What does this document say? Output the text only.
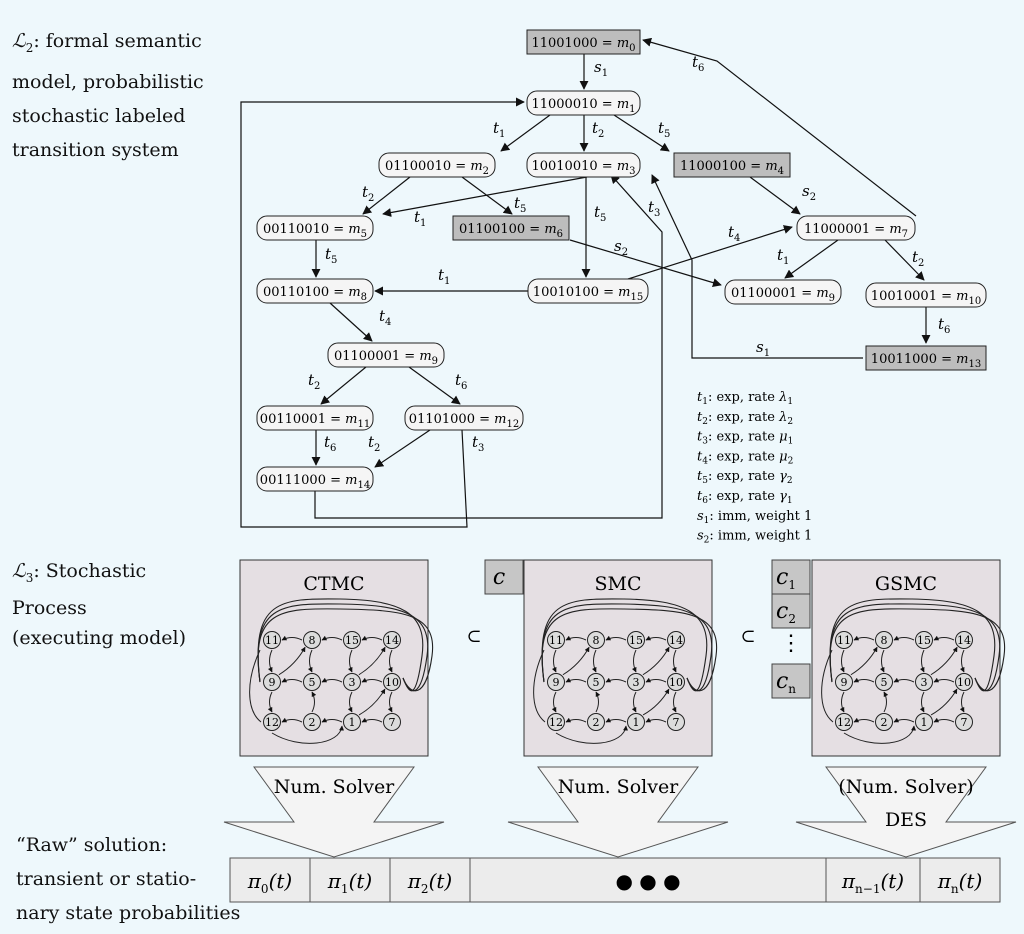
ℒ$_2$: formal semantic
model, probabilistic
stochastic labeled
transition system
ℒ$_3$: Stochastic
Process
(executing model)
“Raw” solution:
transient or statio-
nary state probabilities
$11001000 = m_0$
$11000010 = m_1$
$01100010 = m_2$	$10010010 = m_3$	$11000100 = m_4$
$00110010 = m_5$	$01100100 = m_6$	$11000001 = m_7$
$00110100 = m_8$	$10010100 = m_{15}$	$01100001 = m_9$	$10010001 = m_{10}$
$01100001 = m_9$	$10011000 = m_{13}$
$00110001 = m_{11}$	$01101000 = m_{12}$
$00111000 = m_{14}$
$s_1$
$t_1$	$t_2$	$t_5$
$t_2$	$t_5$
$t_1$
$t_5$
$s_2$
$s_2$
$t_4$
$t_1$
$t_1$	$t_2$
$t_6$
$s_1$
$t_3$
$t_6$
$t_5$
$t_4$
$t_2$	$t_6$
$t_6$ $t_2$	$t_3$
$t_1$: exp, rate $\lambda_1$
$t_2$: exp, rate $\lambda_2$
$t_3$: exp, rate $\mu_1$
$t_4$: exp, rate $\mu_2$
$t_5$: exp, rate $\gamma_2$
$t_6$: exp, rate $\gamma_1$
$s_1$: imm, weight 1
$s_2$: imm, weight 1
CTMC
11	8	15 14
9	5	3	10
12	2	1	7
Num. Solver
SMC
11	8	15 14
9	5	3	10
12	2	1	7
Num. Solver
GSMC
11	8	15 14
9	5	3	10
12	2	1	7
(Num. Solver)
DES
⊂	⊂
c	$c_1$
$c_2$
⋮
$c_n$
$\pi_0(t)$ $\pi_1(t)$ $\pi_2(t)$	● ● ●	$\pi_{n-1}(t)$ $\pi_n(t)$
